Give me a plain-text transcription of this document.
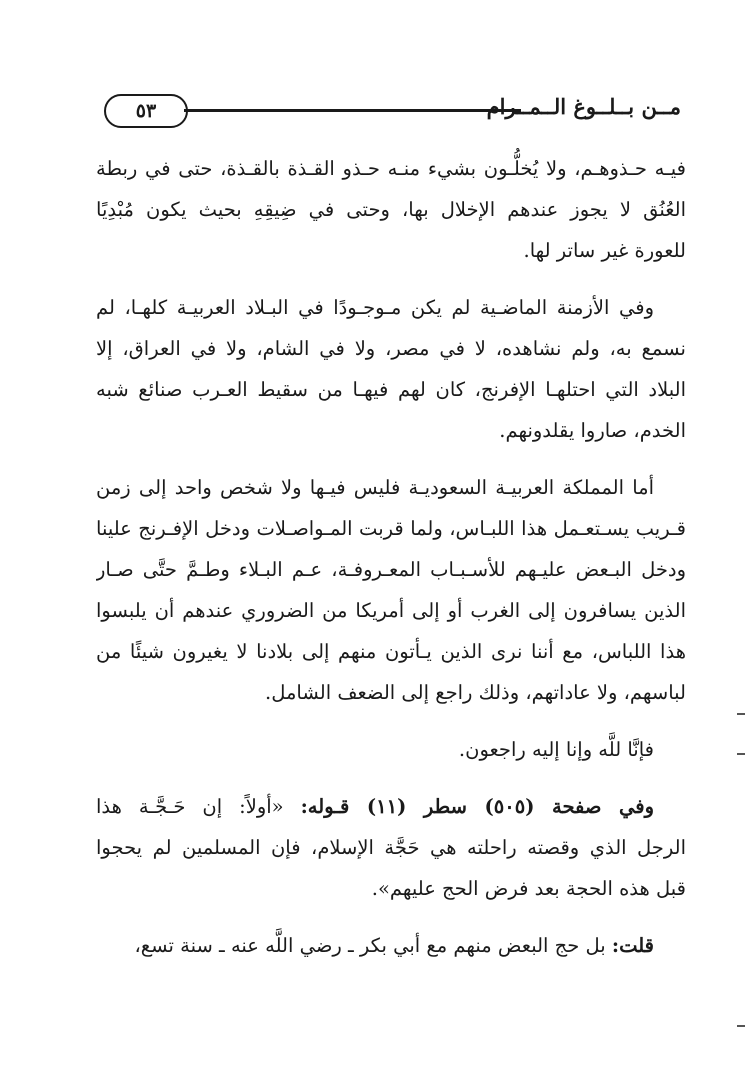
٥٣	مــن بــلــوغ الــمــرام
فيـه حـذوهـم، ولا يُخلُّـون بشيء منـه حـذو القـذة بالقـذة، حتى في ربطة
العُنُق لا يجوز عندهم الإخلال بها، وحتى في ضِيقِهِ بحيث يكون مُبْدِيًا
للعورة غير ساتر لها.
وفي الأزمنة الماضـية لم يكن مـوجـودًا في البـلاد العربيـة كلهـا، لم
نسمع به، ولم نشاهده، لا في مصر، ولا في الشام، ولا في العراق، إلا
البلاد التي احتلهـا الإفرنج، كان لهم فيهـا من سقيط العـرب صنائع شبه
الخدم، صاروا يقلدونهم.
أما المملكة العربيـة السعوديـة فليس فيـها ولا شخص واحد إلى زمن
قـريب يسـتعـمل هذا اللبـاس، ولما قربت المـواصـلات ودخل الإفـرنج علينا
ودخل البـعض عليـهم للأسـبـاب المعـروفـة، عـم البـلاء وطـمَّ حتَّى صـار
الذين يسافرون إلى الغرب أو إلى أمريكا من الضروري عندهم أن يلبسوا
هذا اللباس، مع أننا نرى الذين يـأتون منهم إلى بلادنا لا يغيرون شيئًا من
لباسهم، ولا عاداتهم، وذلك راجع إلى الضعف الشامل.
فإنَّا للَّه وإنا إليه راجعون.
وفي صفحة (٥٠٥) سطر (١١) قـوله: «أولاً: إن حَـجَّـة هذا
الرجل الذي وقصته راحلته هي حَجَّة الإسلام، فإن المسلمين لم يحجوا
قبل هذه الحجة بعد فرض الحج عليهم».
قلت: بل حج البعض منهم مع أبي بكر ـ رضي اللَّه عنه ـ سنة تسع،
